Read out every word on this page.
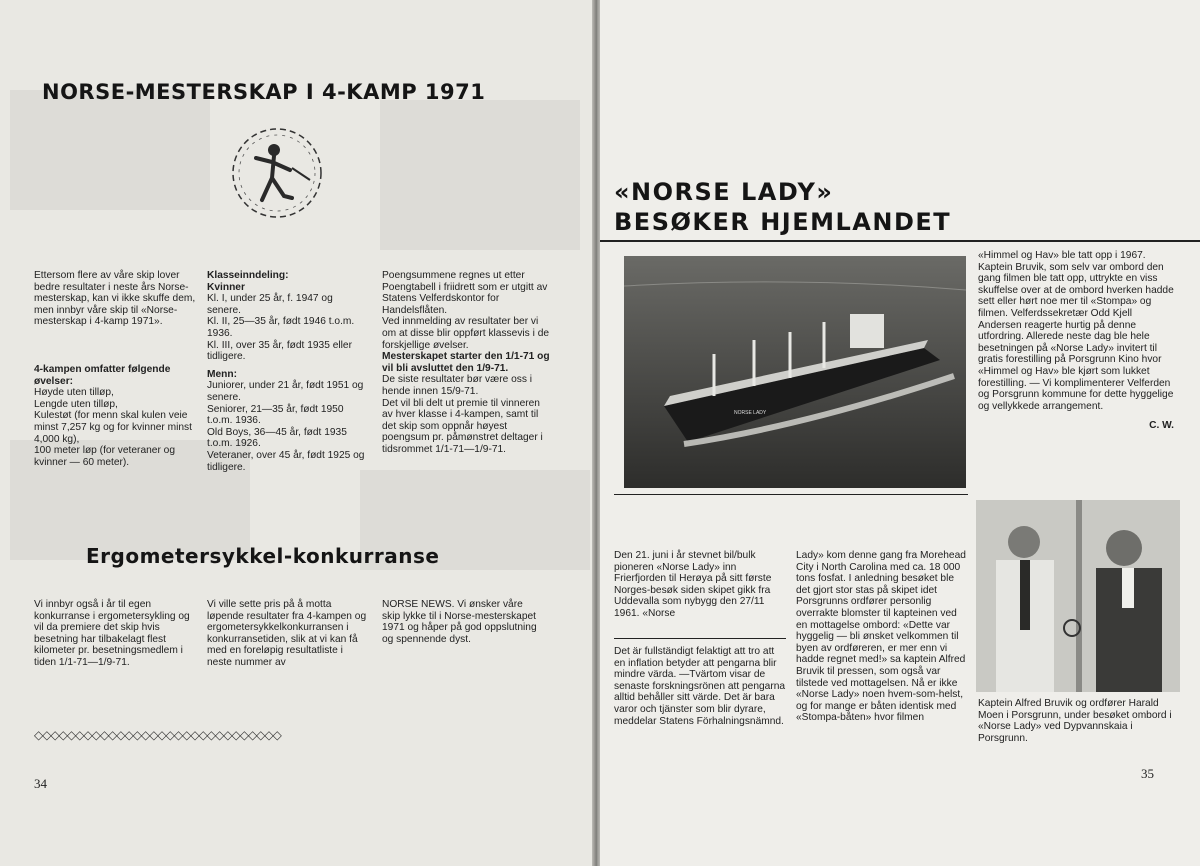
NORSE-MESTERSKAP I 4-KAMP 1971

Ettersom flere av våre skip lover bedre resultater i neste års Norse-mesterskap, kan vi ikke skuffe dem, men innbyr våre skip til «Norse-mesterskap i 4-kamp 1971».

4-kampen omfatter følgende øvelser:

Høyde uten tilløp,

Lengde uten tilløp,

Kulestøt (for menn skal kulen veie minst 7,257 kg og for kvinner minst 4,000 kg),

100 meter løp (for veteraner og kvinner — 60 meter).

Klasseinndeling:

Kvinner

Kl. I, under 25 år, f. 1947 og senere.

Kl. II, 25—35 år, født 1946 t.o.m. 1936.

Kl. III, over 35 år, født 1935 eller tidligere.

Menn:

Juniorer, under 21 år, født 1951 og senere.

Seniorer, 21—35 år, født 1950 t.o.m. 1936.

Old Boys, 36—45 år, født 1935 t.o.m. 1926.

Veteraner, over 45 år, født 1925 og tidligere.

Poengsummene regnes ut etter Poengtabell i friidrett som er utgitt av Statens Velferdskontor for Handelsflåten.

Ved innmelding av resultater ber vi om at disse blir oppført klassevis i de forskjellige øvelser.

Mesterskapet starter den 1/1-71 og vil bli avsluttet den 1/9-71.

De siste resultater bør være oss i hende innen 15/9-71.

Det vil bli delt ut premie til vinneren av hver klasse i 4-kampen, samt til det skip som oppnår høyest poengsum pr. påmønstret deltager i tidsrommet 1/1-71—1/9-71.

Ergometersykkel-konkurranse

Vi innbyr også i år til egen konkurranse i ergometersykling og vil da premiere det skip hvis besetning har tilbakelagt flest kilometer pr. besetningsmedlem i tiden 1/1-71—1/9-71.

Vi ville sette pris på å motta løpende resultater fra 4-kampen og ergometersykkelkonkurransen i konkurransetiden, slik at vi kan få med en foreløpig resultatliste i neste nummer av

NORSE NEWS. Vi ønsker våre skip lykke til i Norse-mesterskapet 1971 og håper på god oppslutning og spennende dyst.

◇◇◇◇◇◇◇◇◇◇◇◇◇◇◇◇◇◇◇◇◇◇◇◇◇◇◇◇◇◇
34
«NORSE LADY»
BESØKER HJEMLANDET
NORSE LADY

«Himmel og Hav» ble tatt opp i 1967. Kaptein Bruvik, som selv var ombord den gang filmen ble tatt opp, uttrykte en viss skuffelse over at de ombord hverken hadde sett eller hørt noe mer til «Stompa» og filmen. Velferdssekretær Odd Kjell Andersen reagerte hurtig på denne utfordring. Allerede neste dag ble hele besetningen på «Norse Lady» invitert til gratis forestilling på Porsgrunn Kino hvor «Himmel og Hav» ble kjørt som lukket forestilling. — Vi komplimenterer Velferden og Porsgrunn kommune for dette hyggelige og vellykkede arrangement.

C. W.

Den 21. juni i år stevnet bil/bulk pioneren «Norse Lady» inn Frierfjorden til Herøya på sitt første Norges-besøk siden skipet gikk fra Uddevalla som nybygg den 27/11 1961. «Norse

Lady» kom denne gang fra Morehead City i North Carolina med ca. 18 000 tons fosfat. I anledning besøket ble det gjort stor stas på skipet idet Porsgrunns ordfører personlig overrakte blomster til kapteinen ved en mottagelse ombord: «Dette var hyggelig — bli ønsket velkommen til byen av ordføreren, er mer enn vi hadde regnet med!» sa kaptein Alfred Bruvik til pressen, som også var tilstede ved mottagelsen. Nå er ikke «Norse Lady» noen hvem-som-helst, og for mange er båten identisk med «Stompa-båten» hvor filmen

Det är fullständigt felaktigt att tro att en inflation betyder att pengarna blir mindre värda. —Tvärtom visar de senaste forskningsrönen att pengarna alltid behåller sitt värde. Det är bara varor och tjänster som blir dyrare, meddelar Statens Förhalningsnämnd.

Kaptein Alfred Bruvik og ordfører Harald Moen i Porsgrunn, under besøket ombord i «Norse Lady» ved Dypvannskaia i Porsgrunn.

35
